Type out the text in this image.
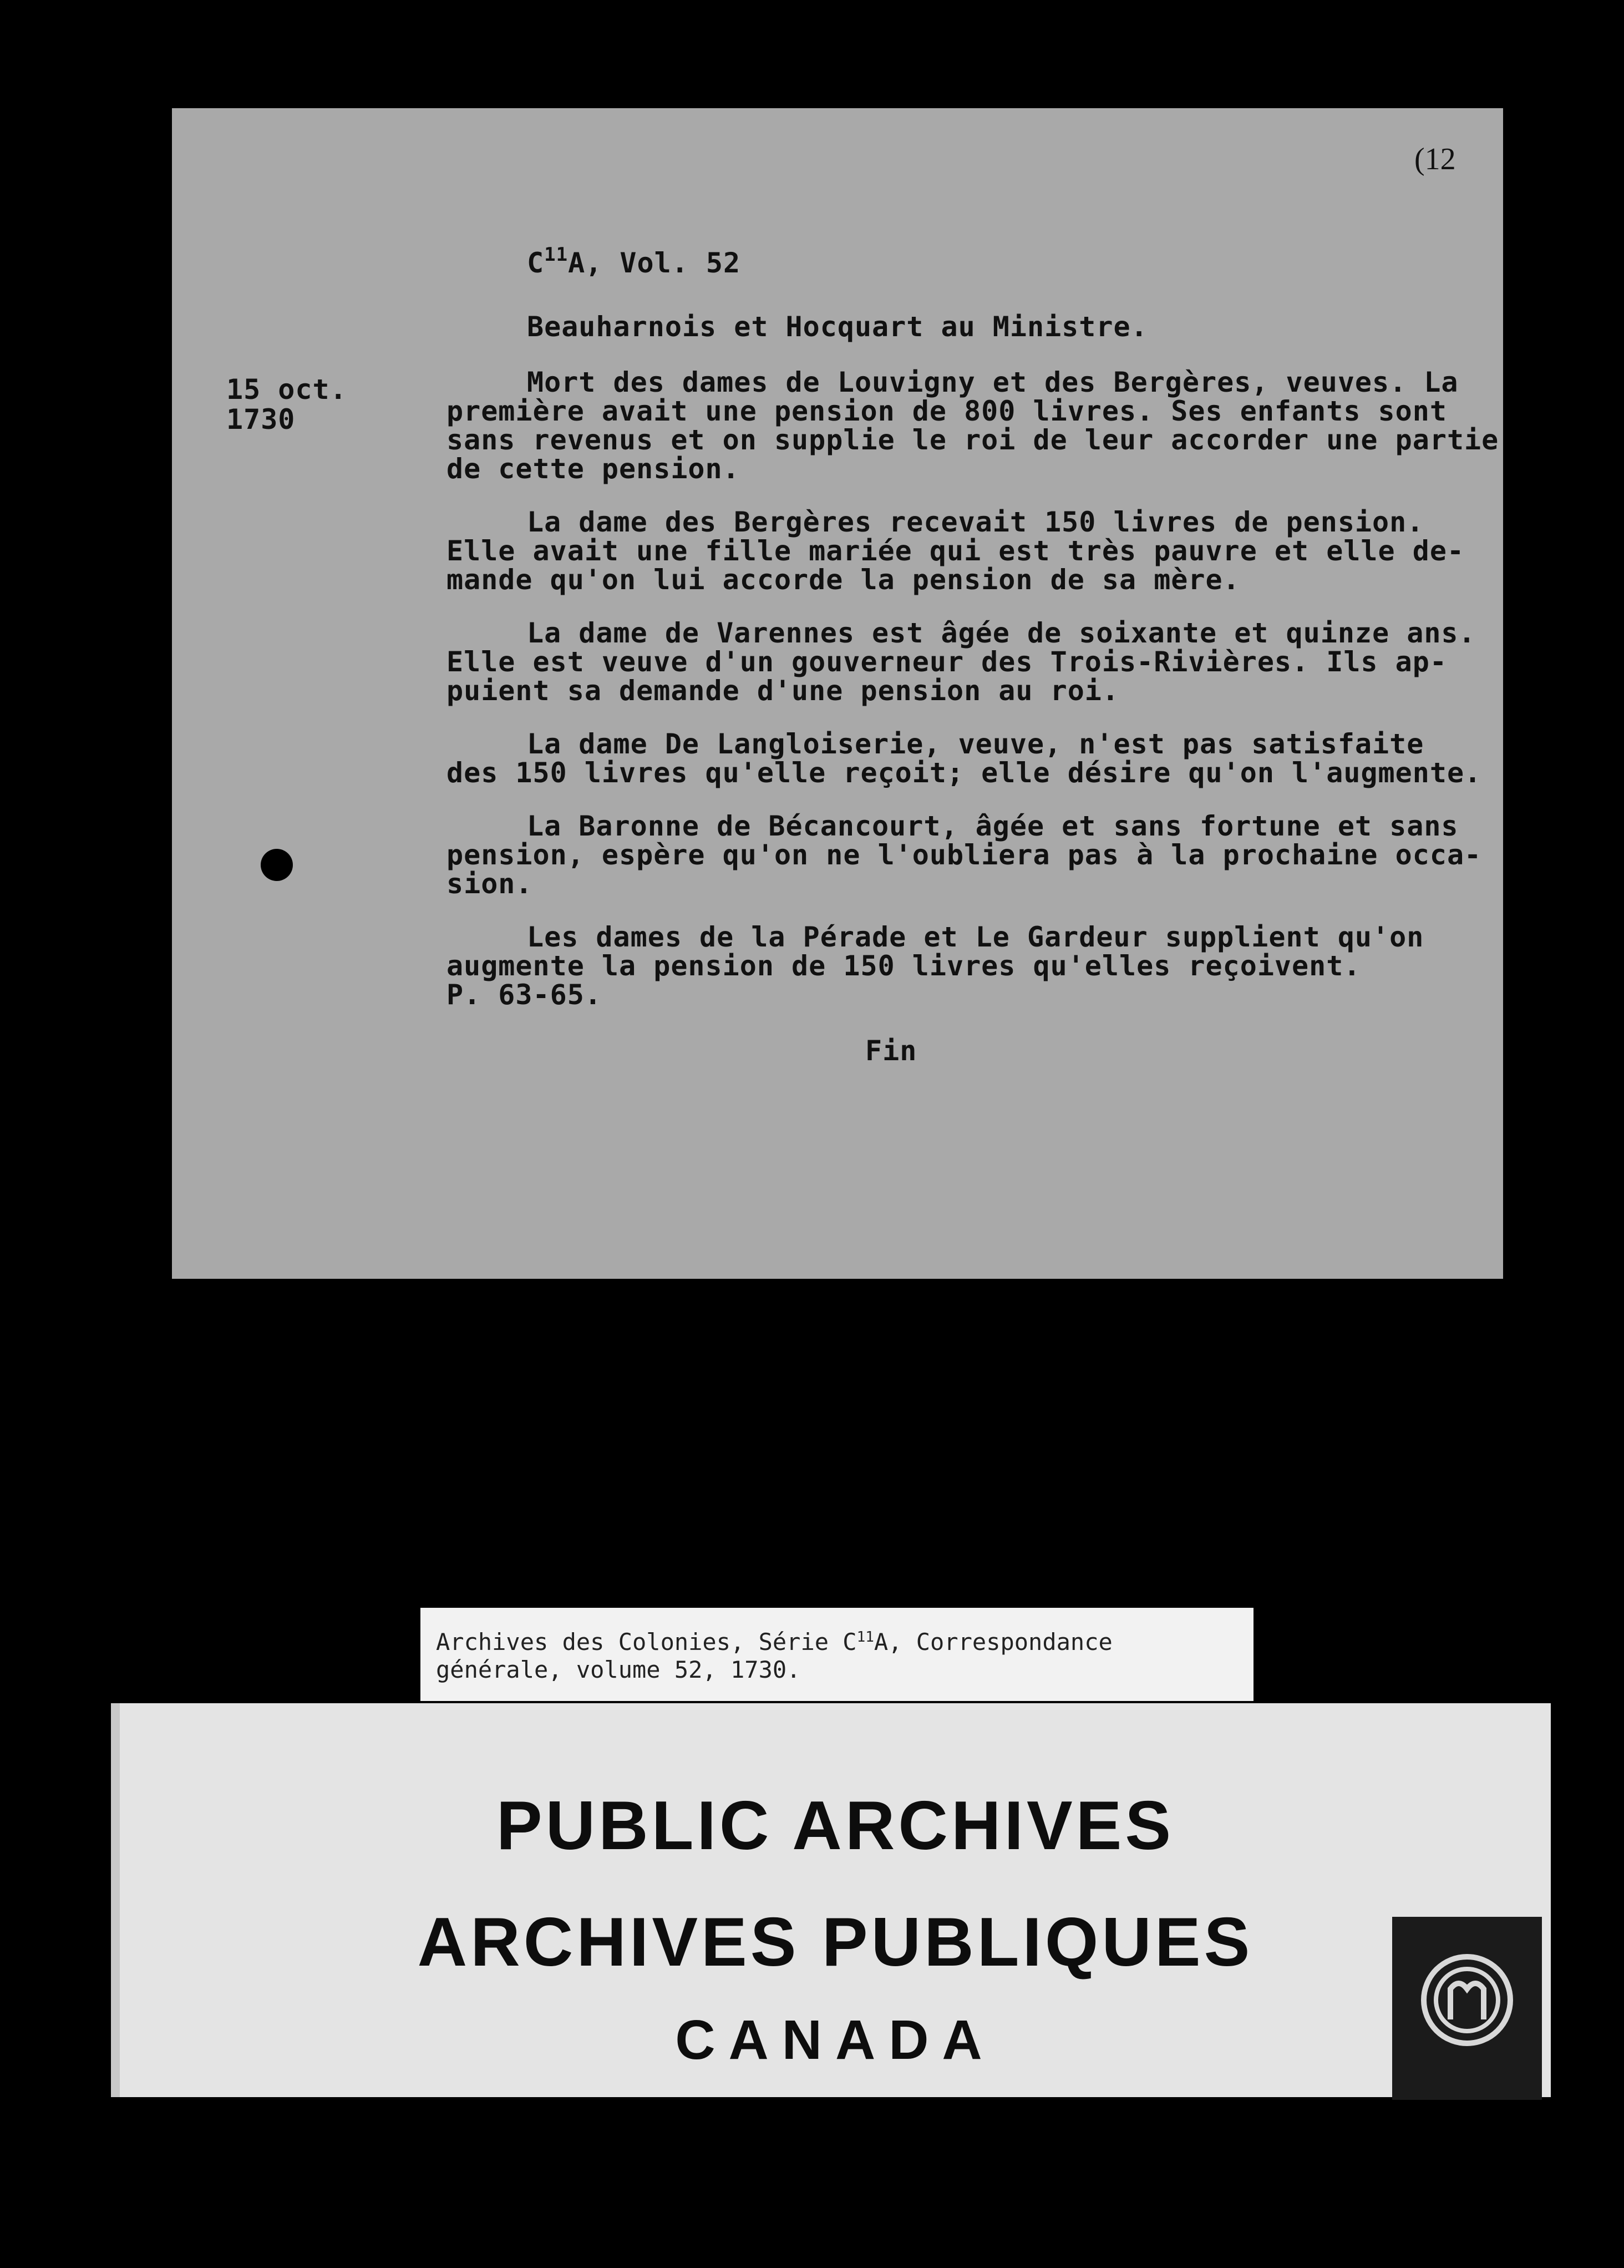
(12
$C^{11}A$, Vol. 52
Beauharnois et Hocquart au Ministre.
15 oct.
1730

Mort des dames de Louvigny et des Bergères, veuves. La
première avait une pension de 800 livres. Ses enfants sont
sans revenus et on supplie le roi de leur accorder une partie
de cette pension.

La dame des Bergères recevait 150 livres de pension.
Elle avait une fille mariée qui est très pauvre et elle de-
mande qu'on lui accorde la pension de sa mère.

La dame de Varennes est âgée de soixante et quinze ans.
Elle est veuve d'un gouverneur des Trois-Rivières. Ils ap-
puient sa demande d'une pension au roi.

La dame De Langloiserie, veuve, n'est pas satisfaite
des 150 livres qu'elle reçoit; elle désire qu'on l'augmente.

La Baronne de Bécancourt, âgée et sans fortune et sans
pension, espère qu'on ne l'oubliera pas à la prochaine occa-
sion.

Les dames de la Pérade et Le Gardeur supplient qu'on
augmente la pension de 150 livres qu'elles reçoivent.
P. 63-65.

Fin
Archives des Colonies, Série $C^{11}A$, Correspondance
générale, volume 52, 1730.
PUBLIC ARCHIVES
ARCHIVES PUBLIQUES
CANADA
